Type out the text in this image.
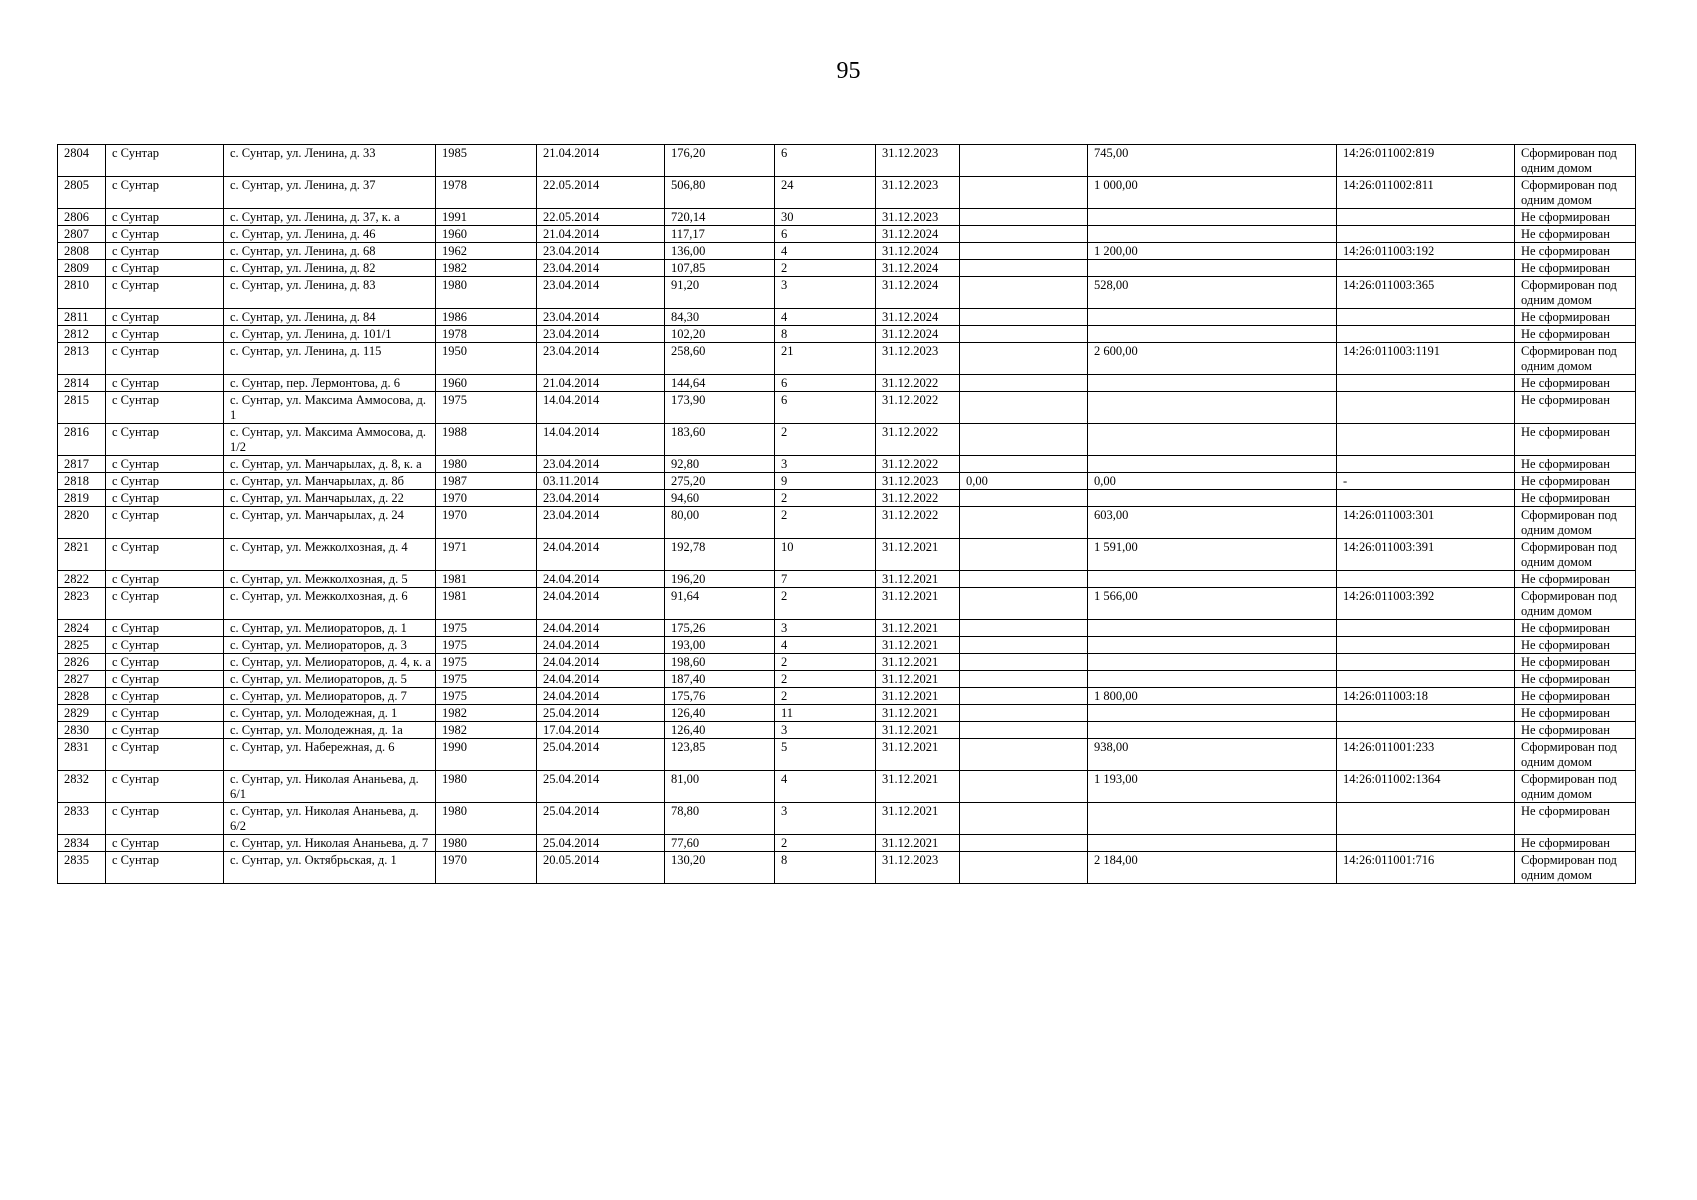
95
2804	с Сунтар	с. Сунтар, ул. Ленина, д. 33	1985	21.04.2014	176,20	6	31.12.2023		745,00	14:26:011002:819	Сформирован под одним домом
2805	с Сунтар	с. Сунтар, ул. Ленина, д. 37	1978	22.05.2014	506,80	24	31.12.2023		1 000,00	14:26:011002:811	Сформирован под одним домом
2806	с Сунтар	с. Сунтар, ул. Ленина, д. 37, к. а	1991	22.05.2014	720,14	30	31.12.2023				Не сформирован
2807	с Сунтар	с. Сунтар, ул. Ленина, д. 46	1960	21.04.2014	117,17	6	31.12.2024				Не сформирован
2808	с Сунтар	с. Сунтар, ул. Ленина, д. 68	1962	23.04.2014	136,00	4	31.12.2024		1 200,00	14:26:011003:192	Не сформирован
2809	с Сунтар	с. Сунтар, ул. Ленина, д. 82	1982	23.04.2014	107,85	2	31.12.2024				Не сформирован
2810	с Сунтар	с. Сунтар, ул. Ленина, д. 83	1980	23.04.2014	91,20	3	31.12.2024		528,00	14:26:011003:365	Сформирован под одним домом
2811	с Сунтар	с. Сунтар, ул. Ленина, д. 84	1986	23.04.2014	84,30	4	31.12.2024				Не сформирован
2812	с Сунтар	с. Сунтар, ул. Ленина, д. 101/1	1978	23.04.2014	102,20	8	31.12.2024				Не сформирован
2813	с Сунтар	с. Сунтар, ул. Ленина, д. 115	1950	23.04.2014	258,60	21	31.12.2023		2 600,00	14:26:011003:1191	Сформирован под одним домом
2814	с Сунтар	с. Сунтар, пер. Лермонтова, д. 6	1960	21.04.2014	144,64	6	31.12.2022				Не сформирован
2815	с Сунтар	с. Сунтар, ул. Максима Аммосова, д. 1	1975	14.04.2014	173,90	6	31.12.2022				Не сформирован
2816	с Сунтар	с. Сунтар, ул. Максима Аммосова, д. 1/2	1988	14.04.2014	183,60	2	31.12.2022				Не сформирован
2817	с Сунтар	с. Сунтар, ул. Манчарылах, д. 8, к. а	1980	23.04.2014	92,80	3	31.12.2022				Не сформирован
2818	с Сунтар	с. Сунтар, ул. Манчарылах, д. 8б	1987	03.11.2014	275,20	9	31.12.2023	0,00	0,00	-	Не сформирован
2819	с Сунтар	с. Сунтар, ул. Манчарылах, д. 22	1970	23.04.2014	94,60	2	31.12.2022				Не сформирован
2820	с Сунтар	с. Сунтар, ул. Манчарылах, д. 24	1970	23.04.2014	80,00	2	31.12.2022		603,00	14:26:011003:301	Сформирован под одним домом
2821	с Сунтар	с. Сунтар, ул. Межколхозная, д. 4	1971	24.04.2014	192,78	10	31.12.2021		1 591,00	14:26:011003:391	Сформирован под одним домом
2822	с Сунтар	с. Сунтар, ул. Межколхозная, д. 5	1981	24.04.2014	196,20	7	31.12.2021				Не сформирован
2823	с Сунтар	с. Сунтар, ул. Межколхозная, д. 6	1981	24.04.2014	91,64	2	31.12.2021		1 566,00	14:26:011003:392	Сформирован под одним домом
2824	с Сунтар	с. Сунтар, ул. Мелиораторов, д. 1	1975	24.04.2014	175,26	3	31.12.2021				Не сформирован
2825	с Сунтар	с. Сунтар, ул. Мелиораторов, д. 3	1975	24.04.2014	193,00	4	31.12.2021				Не сформирован
2826	с Сунтар	с. Сунтар, ул. Мелиораторов, д. 4, к. а	1975	24.04.2014	198,60	2	31.12.2021				Не сформирован
2827	с Сунтар	с. Сунтар, ул. Мелиораторов, д. 5	1975	24.04.2014	187,40	2	31.12.2021				Не сформирован
2828	с Сунтар	с. Сунтар, ул. Мелиораторов, д. 7	1975	24.04.2014	175,76	2	31.12.2021		1 800,00	14:26:011003:18	Не сформирован
2829	с Сунтар	с. Сунтар, ул. Молодежная, д. 1	1982	25.04.2014	126,40	11	31.12.2021				Не сформирован
2830	с Сунтар	с. Сунтар, ул. Молодежная, д. 1а	1982	17.04.2014	126,40	3	31.12.2021				Не сформирован
2831	с Сунтар	с. Сунтар, ул. Набережная, д. 6	1990	25.04.2014	123,85	5	31.12.2021		938,00	14:26:011001:233	Сформирован под одним домом
2832	с Сунтар	с. Сунтар, ул. Николая Ананьева, д. 6/1	1980	25.04.2014	81,00	4	31.12.2021		1 193,00	14:26:011002:1364	Сформирован под одним домом
2833	с Сунтар	с. Сунтар, ул. Николая Ананьева, д. 6/2	1980	25.04.2014	78,80	3	31.12.2021				Не сформирован
2834	с Сунтар	с. Сунтар, ул. Николая Ананьева, д. 7	1980	25.04.2014	77,60	2	31.12.2021				Не сформирован
2835	с Сунтар	с. Сунтар, ул. Октябрьская, д. 1	1970	20.05.2014	130,20	8	31.12.2023		2 184,00	14:26:011001:716	Сформирован под одним домом
